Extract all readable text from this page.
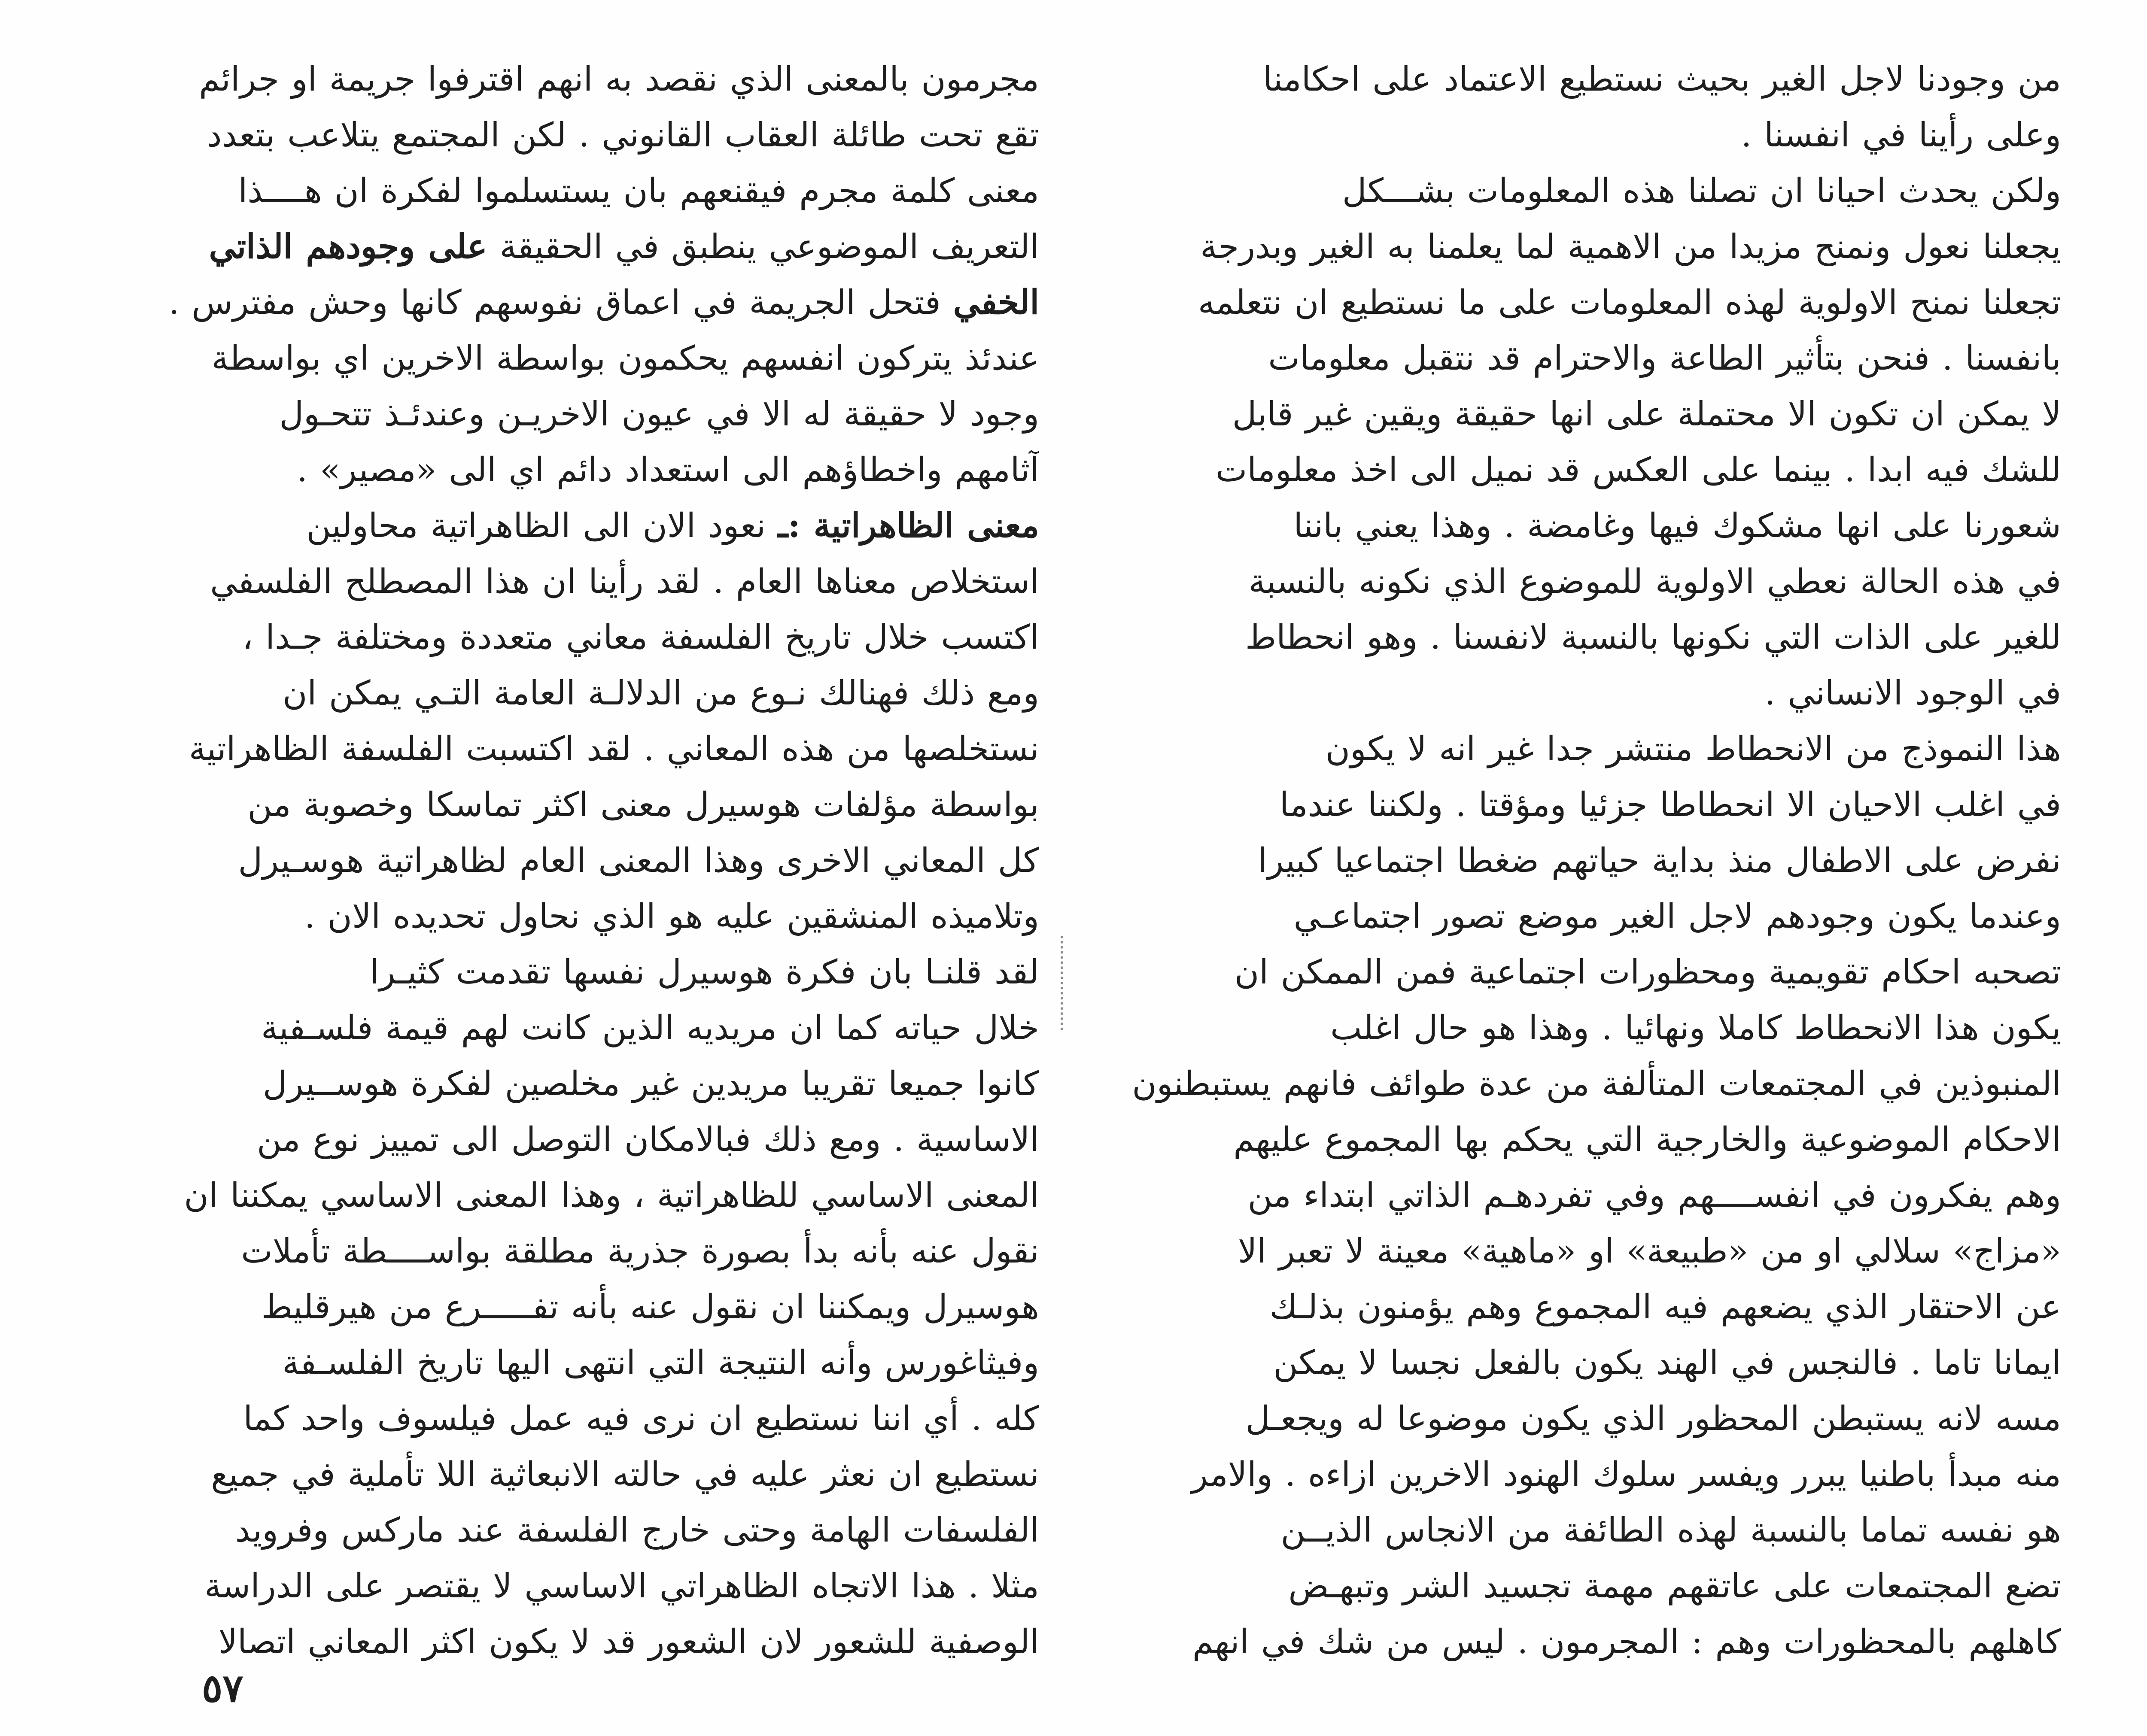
من وجودنا لاجل الغير بحيث نستطيع الاعتماد على احكامنا
وعلى رأينا في انفسنا .
ولكن يحدث احيانا ان تصلنا هذه المعلومات بشـــكل
يجعلنا نعول ونمنح مزيدا من الاهمية لما يعلمنا به الغير وبدرجة
تجعلنا نمنح الاولوية لهذه المعلومات على ما نستطيع ان نتعلمه
بانفسنا . فنحن بتأثير الطاعة والاحترام قد نتقبل معلومات
لا يمكن ان تكون الا محتملة على انها حقيقة ويقين غير قابل
للشك فيه ابدا . بينما على العكس قد نميل الى اخذ معلومات
شعورنا على انها مشكوك فيها وغامضة . وهذا يعني باننا
في هذه الحالة نعطي الاولوية للموضوع الذي نكونه بالنسبة
للغير على الذات التي نكونها بالنسبة لانفسنا . وهو انحطاط
في الوجود الانساني .
هذا النموذج من الانحطاط منتشر جدا غير انه لا يكون
في اغلب الاحيان الا انحطاطا جزئيا ومؤقتا . ولكننا عندما
نفرض على الاطفال منذ بداية حياتهم ضغطا اجتماعيا كبيرا
وعندما يكون وجودهم لاجل الغير موضع تصور اجتماعـي
تصحبه احكام تقويمية ومحظورات اجتماعية فمن الممكن ان
يكون هذا الانحطاط كاملا ونهائيا . وهذا هو حال اغلب
المنبوذين في المجتمعات المتألفة من عدة طوائف فانهم يستبطنون
الاحكام الموضوعية والخارجية التي يحكم بها المجموع عليهم
وهم يفكرون في انفســــهم وفي تفردهـم الذاتي ابتداء من
«مزاج» سلالي او من «طبيعة» او «ماهية» معينة لا تعبر الا
عن الاحتقار الذي يضعهم فيه المجموع وهم يؤمنون بذلـك
ايمانا تاما . فالنجس في الهند يكون بالفعل نجسا لا يمكن
مسه لانه يستبطن المحظور الذي يكون موضوعا له ويجعـل
منه مبدأ باطنيا يبرر ويفسر سلوك الهنود الاخرين ازاءه . والامر
هو نفسه تماما بالنسبة لهذه الطائفة من الانجاس الذيــن
تضع المجتمعات على عاتقهم مهمة تجسيد الشر وتبهـض
كاهلهم بالمحظورات وهم : المجرمون . ليس من شك في انهم
مجرمون بالمعنى الذي نقصد به انهم اقترفوا جريمة او جرائم
تقع تحت طائلة العقاب القانوني . لكن المجتمع يتلاعب بتعدد
معنى كلمة مجرم فيقنعهم بان يستسلموا لفكرة ان هــــذا
التعريف الموضوعي ينطبق في الحقيقة على وجودهم الذاتي
الخفي فتحل الجريمة في اعماق نفوسهم كانها وحش مفترس .
عندئذ يتركون انفسهم يحكمون بواسطة الاخرين اي بواسطة
وجود لا حقيقة له الا في عيون الاخريـن وعندئـذ تتحـول
آثامهم واخطاؤهم الى استعداد دائم اي الى «مصير» .
معنى الظاهراتية :ـ نعود الان الى الظاهراتية محاولين
استخلاص معناها العام . لقد رأينا ان هذا المصطلح الفلسفي
اكتسب خلال تاريخ الفلسفة معاني متعددة ومختلفة جـدا ،
ومع ذلك فهنالك نـوع من الدلالـة العامة التـي يمكن ان
نستخلصها من هذه المعاني . لقد اكتسبت الفلسفة الظاهراتية
بواسطة مؤلفات هوسيرل معنى اكثر تماسكا وخصوبة من
كل المعاني الاخرى وهذا المعنى العام لظاهراتية هوسـيرل
وتلاميذه المنشقين عليه هو الذي نحاول تحديده الان .
لقد قلنـا بان فكرة هوسيرل نفسها تقدمت كثيـرا
خلال حياته كما ان مريديه الذين كانت لهم قيمة فلسـفية
كانوا جميعا تقريبا مريدين غير مخلصين لفكرة هوســيرل
الاساسية . ومع ذلك فبالامكان التوصل الى تمييز نوع من
المعنى الاساسي للظاهراتية ، وهذا المعنى الاساسي يمكننا ان
نقول عنه بأنه بدأ بصورة جذرية مطلقة بواســــطة تأملات
هوسيرل ويمكننا ان نقول عنه بأنه تفـــــرع من هيرقليط
وفيثاغورس وأنه النتيجة التي انتهى اليها تاريخ الفلسـفة
كله . أي اننا نستطيع ان نرى فيه عمل فيلسوف واحد كما
نستطيع ان نعثر عليه في حالته الانبعاثية اللا تأملية في جميع
الفلسفات الهامة وحتى خارج الفلسفة عند ماركس وفرويد
مثلا . هذا الاتجاه الظاهراتي الاساسي لا يقتصر على الدراسة
الوصفية للشعور لان الشعور قد لا يكون اكثر المعاني اتصالا
٥٧
